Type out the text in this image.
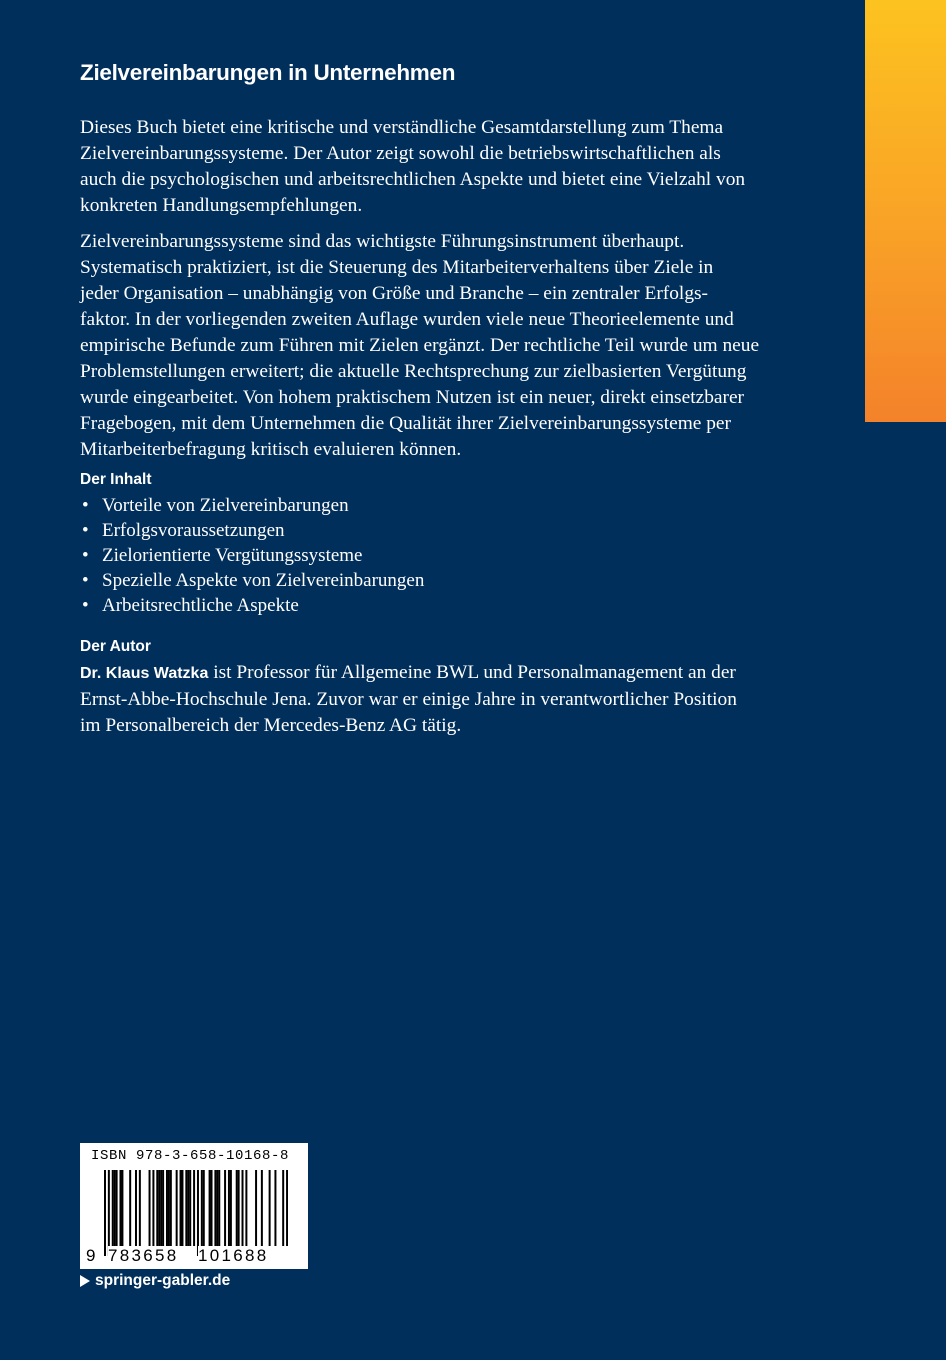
Zielvereinbarungen in Unternehmen
Dieses Buch bietet eine kritische und verständliche Gesamtdarstellung zum Thema
Zielvereinbarungssysteme. Der Autor zeigt sowohl die betriebswirtschaftlichen als
auch die psychologischen und arbeitsrechtlichen Aspekte und bietet eine Vielzahl von
konkreten Handlungsempfehlungen.
Zielvereinbarungssysteme sind das wichtigste Führungsinstrument überhaupt.
Systematisch praktiziert, ist die Steuerung des Mitarbeiterverhaltens über Ziele in
jeder Organisation – unabhängig von Größe und Branche – ein zentraler Erfolgs-
faktor. In der vorliegenden zweiten Auflage wurden viele neue Theorieelemente und
empirische Befunde zum Führen mit Zielen ergänzt. Der rechtliche Teil wurde um neue
Problemstellungen erweitert; die aktuelle Rechtsprechung zur zielbasierten Vergütung
wurde eingearbeitet. Von hohem praktischem Nutzen ist ein neuer, direkt einsetzbarer
Fragebogen, mit dem Unternehmen die Qualität ihrer Zielvereinbarungssysteme per
Mitarbeiterbefragung kritisch evaluieren können.
Der Inhalt
• Vorteile von Zielvereinbarungen
• Erfolgsvoraussetzungen
• Zielorientierte Vergütungssysteme
• Spezielle Aspekte von Zielvereinbarungen
• Arbeitsrechtliche Aspekte
Der Autor
Dr. Klaus Watzka ist Professor für Allgemeine BWL und Personalmanagement an der
Ernst-Abbe-Hochschule Jena. Zuvor war er einige Jahre in verantwortlicher Position
im Personalbereich der Mercedes-Benz AG tätig.
ISBN 978-3-658-10168-8
9 783658	101688
springer-gabler.de
